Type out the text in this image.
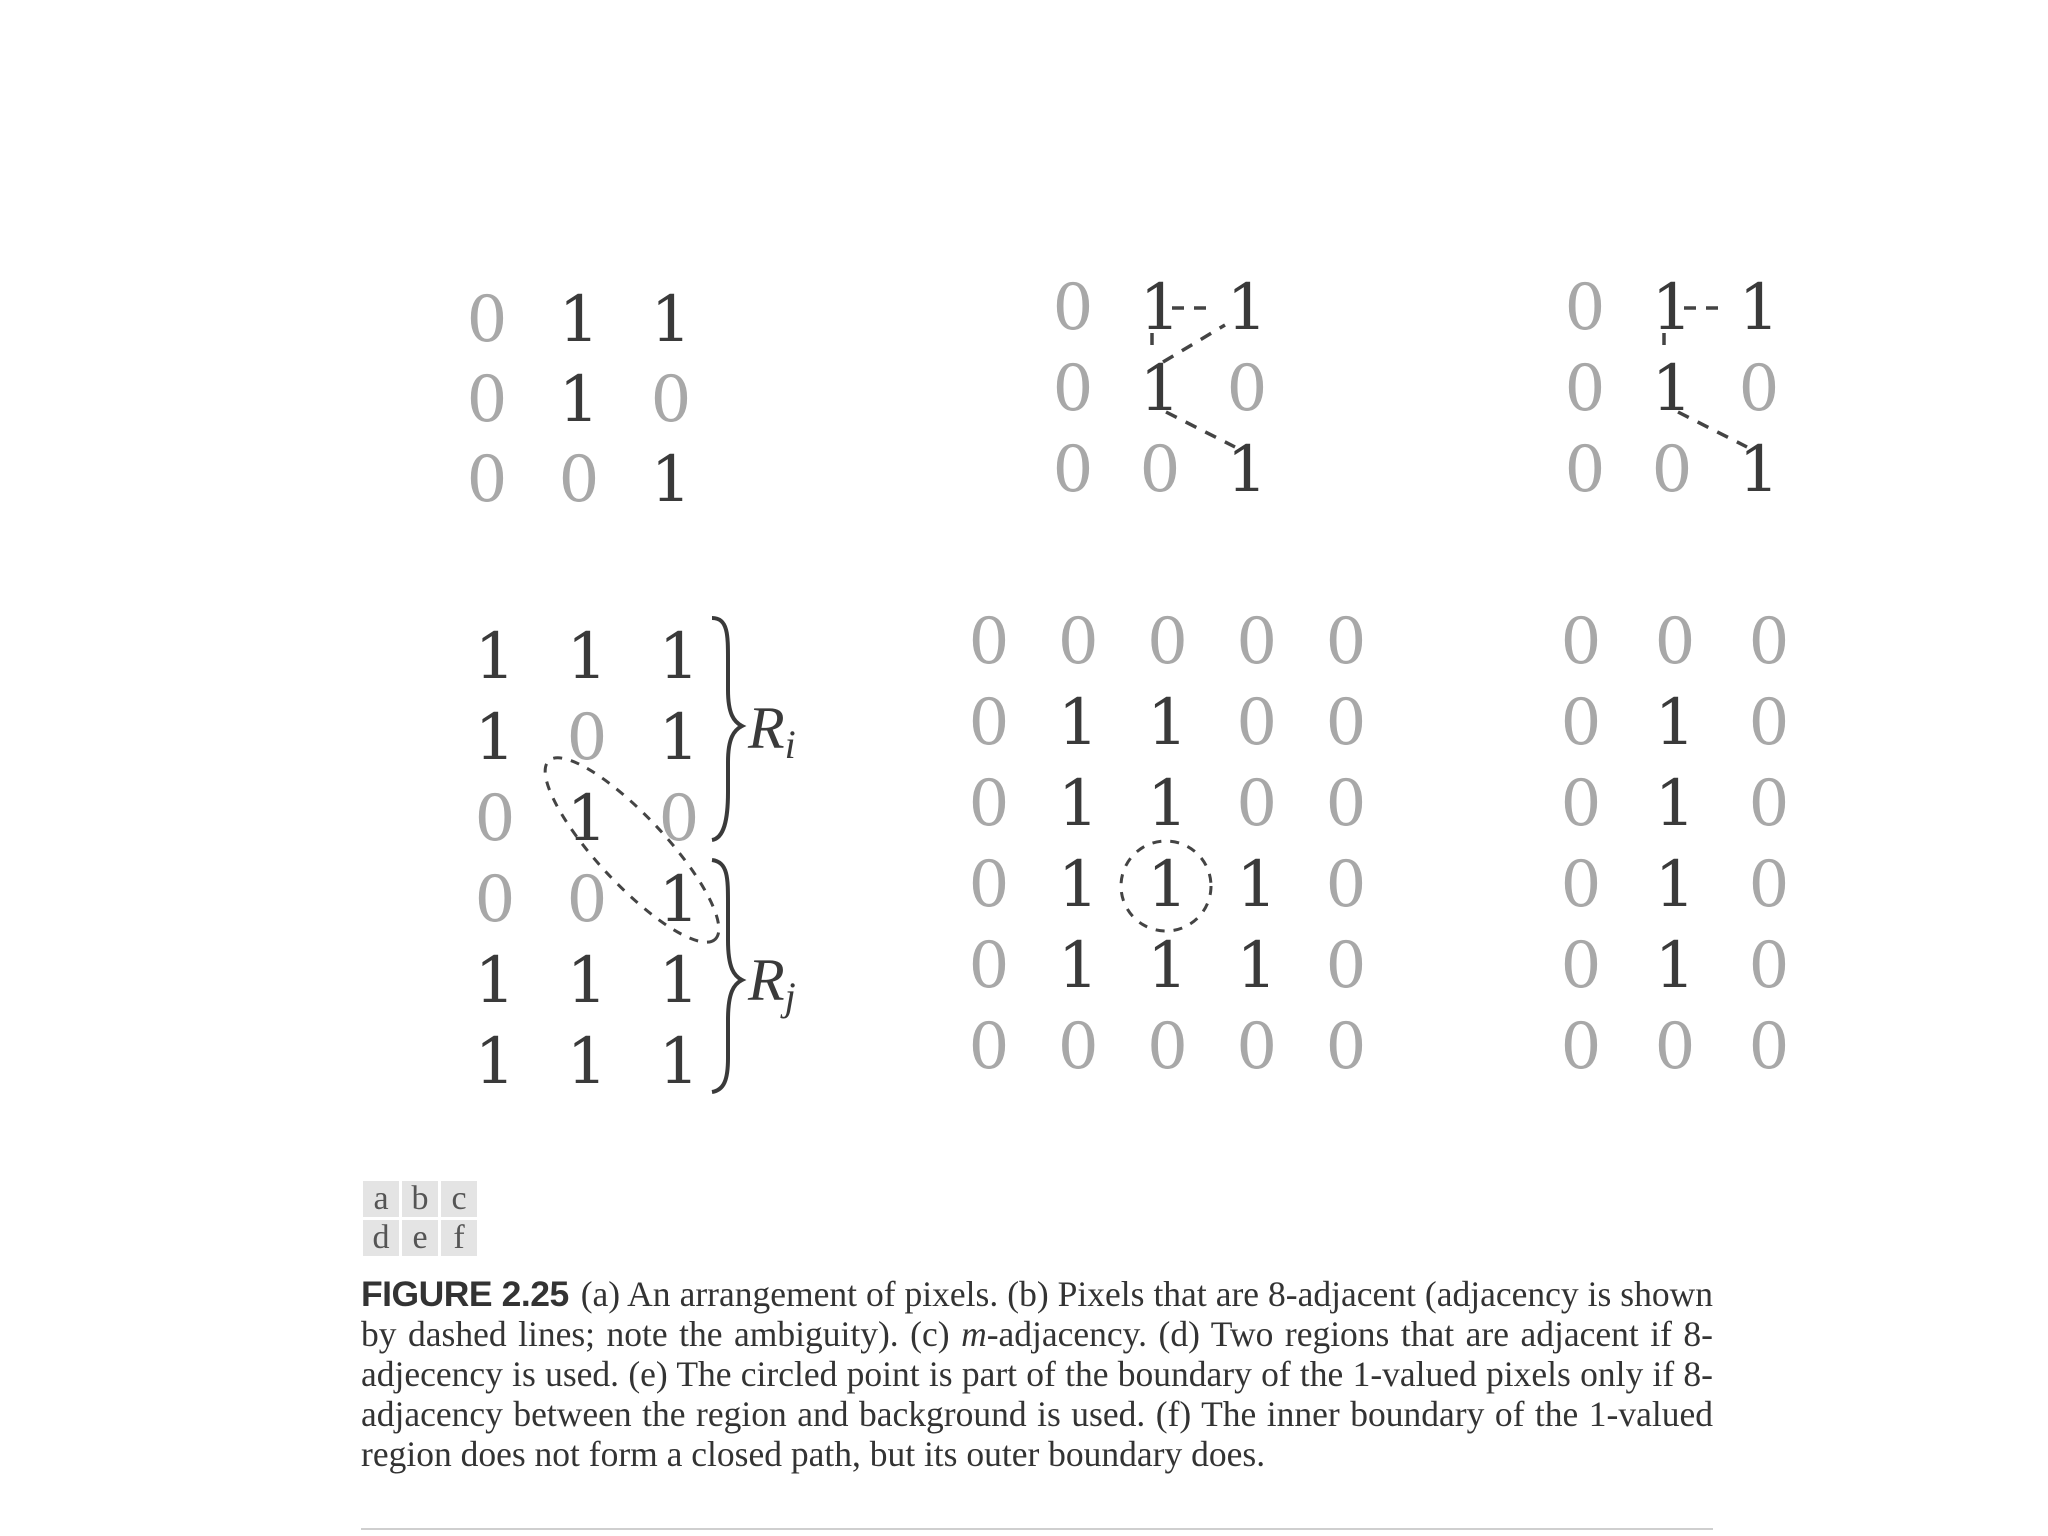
0 1 1
0 1 0
0 0 1
0 1 1
0 1 0
0 0 1
0 1 1
0 1 0
0 0 1
1 1 1
1 0 1
0 1 0
0 0 1
1 1 1
1 1 1
0 0 0 0 0
0 1 1 0 0
0 1 1 0 0
0 1 1 1 0
0 1 1 1 0
0 0 0 0 0
0 0 0
0 1 0
0 1 0
0 1 0
0 1 0
0 0 0
$R_i$
$R_j$
a	b	c
d	e	f

FIGURE 2.25 (a) An arrangement of pixels. (b) Pixels that are 8-adjacent (adjacency is shown by dashed lines; note the ambiguity). (c) m-adjacency. (d) Two regions that are adjacent if 8-adjecency is used. (e) The circled point is part of the boundary of the 1-valued pixels only if 8-adjacency between the region and background is used. (f) The inner boundary of the 1-valued region does not form a closed path, but its outer boundary does.
